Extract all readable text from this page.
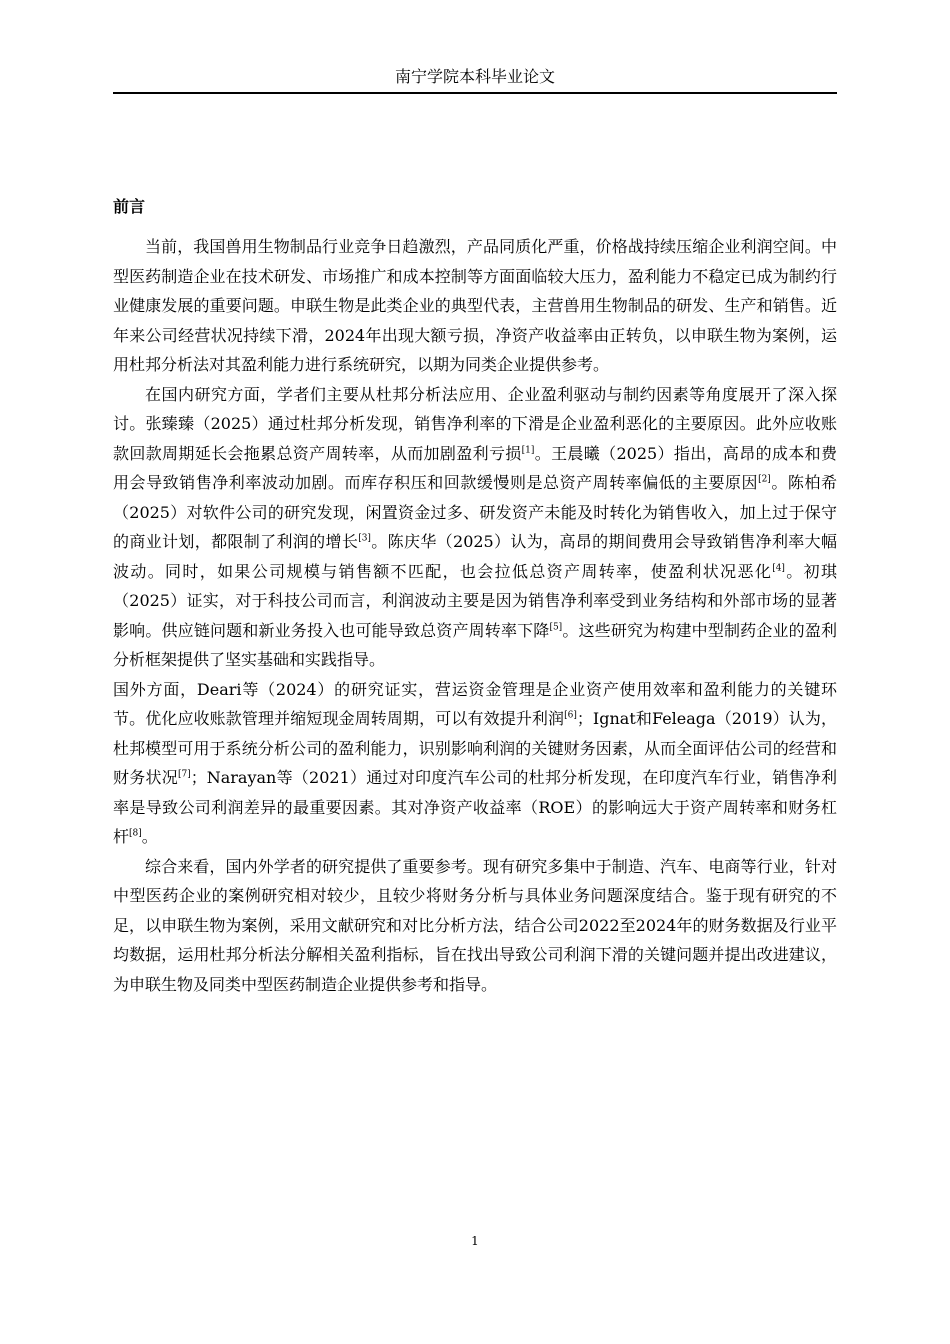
南宁学院本科毕业论文
前言

当前，我国兽用生物制品行业竞争日趋激烈，产品同质化严重，价格战持续压缩企业利润空间。中型医药制造企业在技术研发、市场推广和成本控制等方面面临较大压力，盈利能力不稳定已成为制约行业健康发展的重要问题。申联生物是此类企业的典型代表，主营兽用生物制品的研发、生产和销售。近年来公司经营状况持续下滑，2024年出现大额亏损，净资产收益率由正转负，以申联生物为案例，运用杜邦分析法对其盈利能力进行系统研究，以期为同类企业提供参考。

在国内研究方面，学者们主要从杜邦分析法应用、企业盈利驱动与制约因素等角度展开了深入探讨。张臻臻（2025）通过杜邦分析发现，销售净利率的下滑是企业盈利恶化的主要原因。此外应收账款回款周期延长会拖累总资产周转率，从而加剧盈利亏损[1]。王晨曦（2025）指出，高昂的成本和费用会导致销售净利率波动加剧。而库存积压和回款缓慢则是总资产周转率偏低的主要原因[2]。陈柏希（2025）对软件公司的研究发现，闲置资金过多、研发资产未能及时转化为销售收入，加上过于保守的商业计划，都限制了利润的增长[3]。陈庆华（2025）认为，高昂的期间费用会导致销售净利率大幅波动。同时，如果公司规模与销售额不匹配，也会拉低总资产周转率，使盈利状况恶化[4]。初琪（2025）证实，对于科技公司而言，利润波动主要是因为销售净利率受到业务结构和外部市场的显著影响。供应链问题和新业务投入也可能导致总资产周转率下降[5]。这些研究为构建中型制药企业的盈利分析框架提供了坚实基础和实践指导。

国外方面，Deari等（2024）的研究证实，营运资金管理是企业资产使用效率和盈利能力的关键环节。优化应收账款管理并缩短现金周转周期，可以有效提升利润[6]；Ignat和Feleaga（2019）认为，杜邦模型可用于系统分析公司的盈利能力，识别影响利润的关键财务因素，从而全面评估公司的经营和财务状况[7]；Narayan等（2021）通过对印度汽车公司的杜邦分析发现，在印度汽车行业，销售净利率是导致公司利润差异的最重要因素。其对净资产收益率（ROE）的影响远大于资产周转率和财务杠杆[8]。

综合来看，国内外学者的研究提供了重要参考。现有研究多集中于制造、汽车、电商等行业，针对中型医药企业的案例研究相对较少，且较少将财务分析与具体业务问题深度结合。鉴于现有研究的不足，以申联生物为案例，采用文献研究和对比分析方法，结合公司2022至2024年的财务数据及行业平均数据，运用杜邦分析法分解相关盈利指标，旨在找出导致公司利润下滑的关键问题并提出改进建议，为申联生物及同类中型医药制造企业提供参考和指导。

1
